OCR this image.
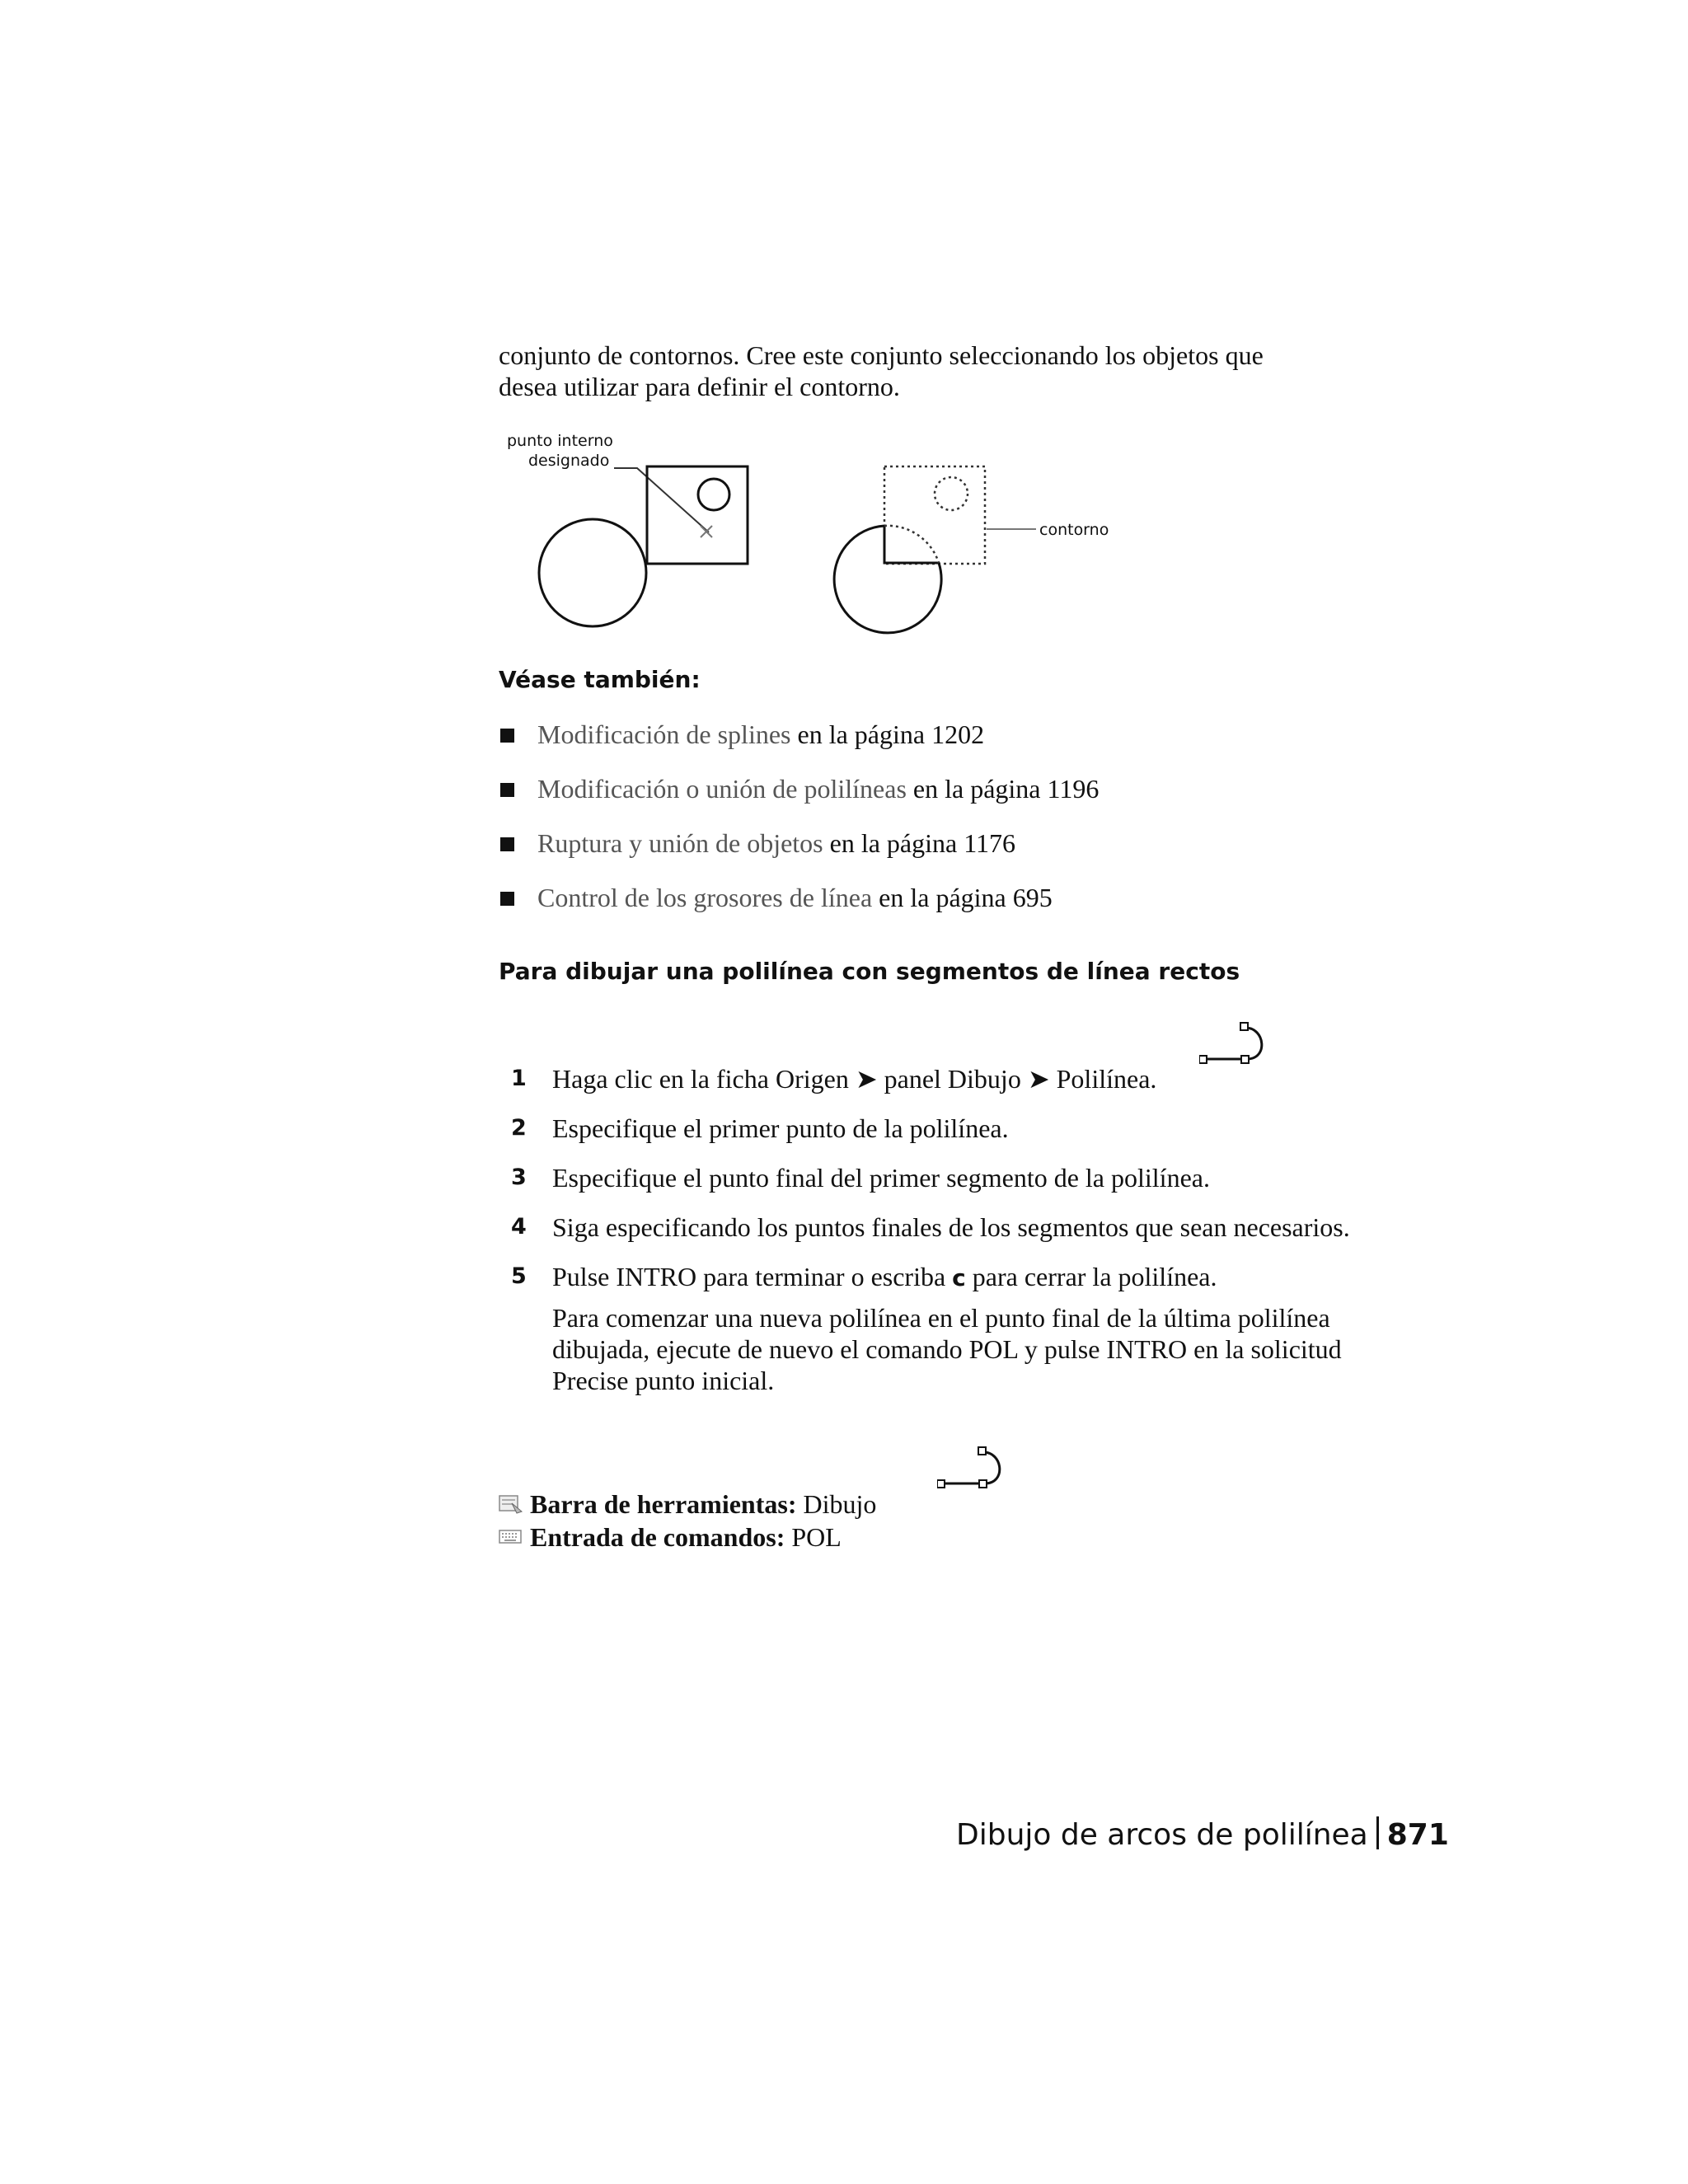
conjunto de contornos. Cree este conjunto seleccionando los objetos que

desea utilizar para definir el contorno.

punto interno
designado
contorno
Véase también:
Modificación de splines en la página 1202
Modificación o unión de polilíneas en la página 1196
Ruptura y unión de objetos en la página 1176
Control de los grosores de línea en la página 695
Para dibujar una polilínea con segmentos de línea rectos
1 Haga clic en la ficha Origen ➤ panel Dibujo ➤ Polilínea.
2 Especifique el primer punto de la polilínea.
3 Especifique el punto final del primer segmento de la polilínea.
4 Siga especificando los puntos finales de los segmentos que sean necesarios.
5 Pulse INTRO para terminar o escriba c para cerrar la polilínea.
Para comenzar una nueva polilínea en el punto final de la última polilínea dibujada, ejecute de nuevo el comando POL y pulse INTRO en la solicitud Precise punto inicial.
Barra de herramientas: Dibujo
Entrada de comandos: POL
Dibujo de arcos de polilínea 871
